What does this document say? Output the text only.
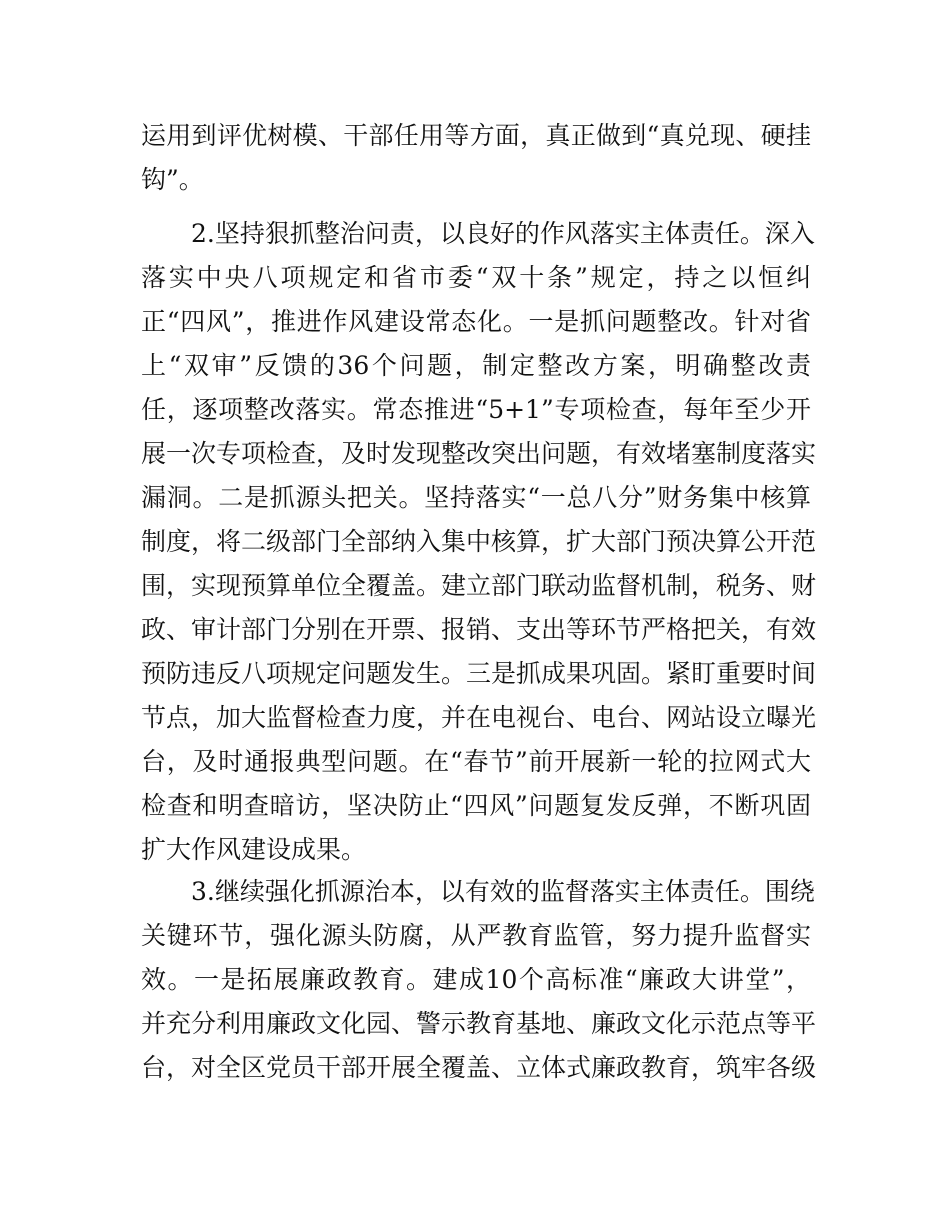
运用到评优树模、干部任用等方面，真正做到“真兑现、硬挂
钩”。
2.坚持狠抓整治问责，以良好的作风落实主体责任。深入
落实中央八项规定和省市委“双十条”规定，持之以恒纠
正“四风”，推进作风建设常态化。一是抓问题整改。针对省
上“双审”反馈的36个问题，制定整改方案，明确整改责
任，逐项整改落实。常态推进“5+1”专项检查，每年至少开
展一次专项检查，及时发现整改突出问题，有效堵塞制度落实
漏洞。二是抓源头把关。坚持落实“一总八分”财务集中核算
制度，将二级部门全部纳入集中核算，扩大部门预决算公开范
围，实现预算单位全覆盖。建立部门联动监督机制，税务、财
政、审计部门分别在开票、报销、支出等环节严格把关，有效
预防违反八项规定问题发生。三是抓成果巩固。紧盯重要时间
节点，加大监督检查力度，并在电视台、电台、网站设立曝光
台，及时通报典型问题。在“春节”前开展新一轮的拉网式大
检查和明查暗访，坚决防止“四风”问题复发反弹，不断巩固
扩大作风建设成果。
3.继续强化抓源治本，以有效的监督落实主体责任。围绕
关键环节，强化源头防腐，从严教育监管，努力提升监督实
效。一是拓展廉政教育。建成10个高标准“廉政大讲堂”，
并充分利用廉政文化园、警示教育基地、廉政文化示范点等平
台，对全区党员干部开展全覆盖、立体式廉政教育，筑牢各级
